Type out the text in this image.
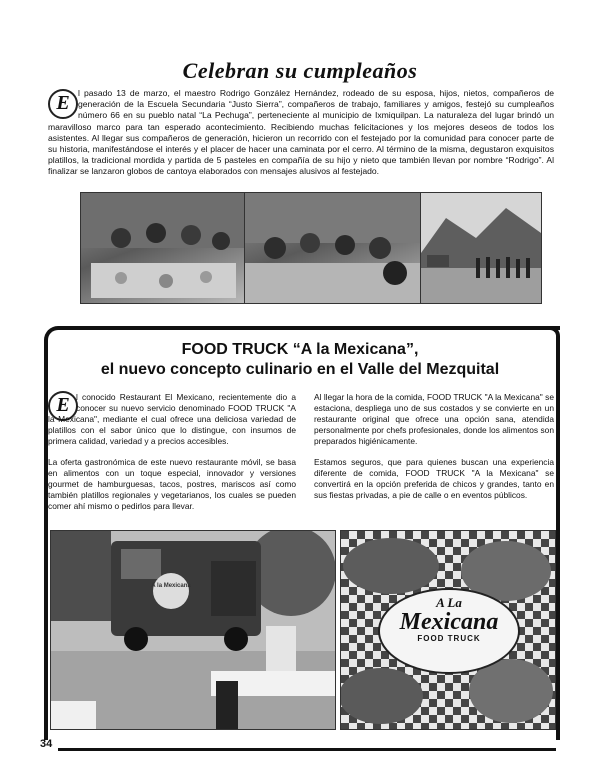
Celebran su cumpleaños
E l pasado 13 de marzo, el maestro Rodrigo González Hernández, rodeado de su esposa, hijos, nietos, compañeros de generación de la Escuela Secundaria “Justo Sierra”, compañeros de trabajo, familiares y amigos, festejó su cumpleaños número 66 en su pueblo natal “La Pechuga”, perteneciente al municipio de Ixmiquilpan. La naturaleza del lugar brindó un maravilloso marco para tan esperado acontecimiento. Recibiendo muchas felicitaciones y los mejores deseos de todos los asistentes. Al llegar sus compañeros de generación, hicieron un recorrido con el festejado por la comunidad para conocer parte de su historia, manifestándose el interés y el placer de hacer una caminata por el cerro. Al término de la misma, degustaron exquisitos platillos, la tradicional mordida y partida de 5 pasteles en compañía de su hijo y nieto que también llevan por nombre “Rodrigo”. Al finalizar se lanzaron globos de cantoya elaborados con mensajes alusivos al festejado.
FOOD TRUCK “A la Mexicana”,
el nuevo concepto culinario en el Valle del Mezquital
E l conocido Restaurant El Mexicano, recientemente dio a conocer su nuevo servicio denominado FOOD TRUCK "A la Mexicana", mediante el cual ofrece una deliciosa variedad de platillos con el sabor único que lo distingue, con insumos de primera calidad, variedad y a precios accesibles.

La oferta gastronómica de este nuevo restaurante móvil, se basa en alimentos con un toque especial, innovador y versiones gourmet de hamburguesas, tacos, postres, mariscos así como también platillos regionales y vegetarianos, los cuales se pueden comer ahí mismo o pedirlos para llevar.

Al llegar la hora de la comida, FOOD TRUCK "A la Mexicana" se estaciona, despliega uno de sus costados y se convierte en un restaurante original que ofrece una opción sana, atendida personalmente por chefs profesionales, donde los alimentos son preparados higiénicamente.

Estamos seguros, que para quienes buscan una experiencia diferente de comida, FOOD TRUCK "A la Mexicana" se convertirá en la opción preferida de chicos y grandes, tanto en sus fiestas privadas, a pie de calle o en eventos públicos.

A la Mexicana
A La
Mexicana
FOOD TRUCK
34
